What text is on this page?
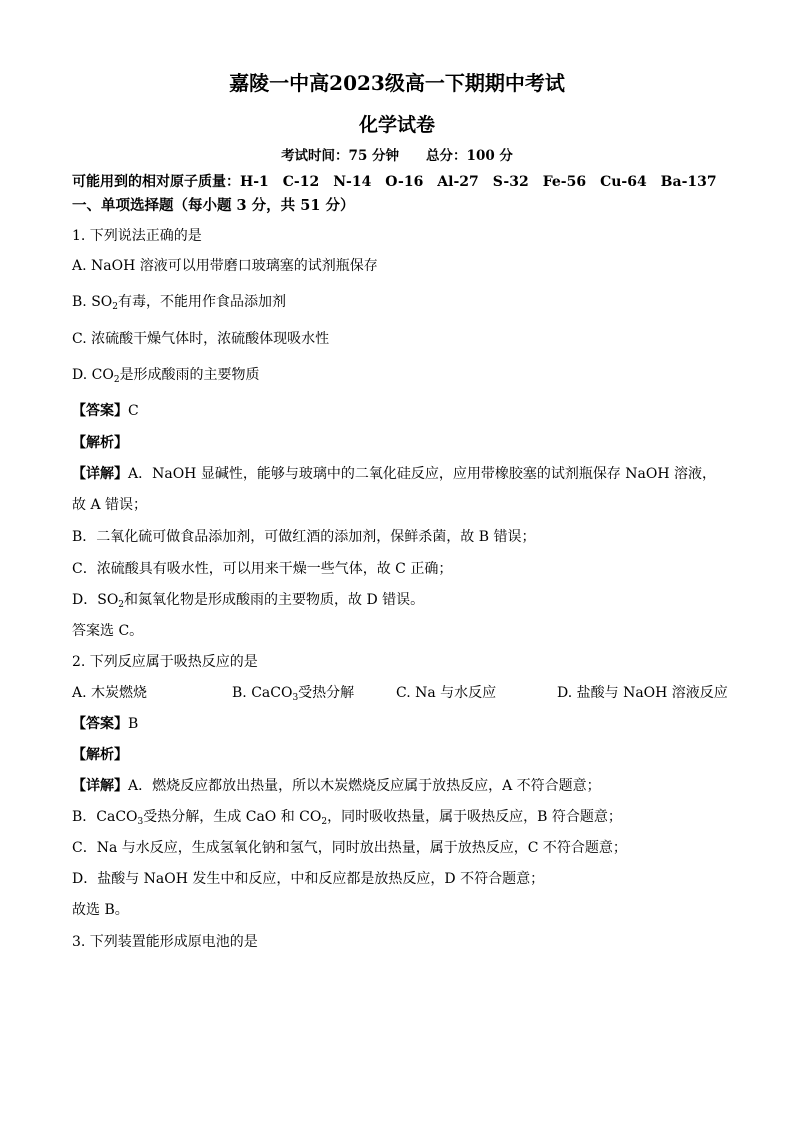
嘉陵一中高2023级高一下期期中考试
化学试卷
考试时间：75 分钟　　总分：100 分
可能用到的相对原子质量：H-1　C-12　N-14　O-16　Al-27　S-32　Fe-56　Cu-64　Ba-137
一、单项选择题（每小题 3 分，共 51 分）
1. 下列说法正确的是
A. NaOH 溶液可以用带磨口玻璃塞的试剂瓶保存
B. $SO_2$有毒，不能用作食品添加剂
C. 浓硫酸干燥气体时，浓硫酸体现吸水性
D. $CO_2$是形成酸雨的主要物质
【答案】C
【解析】
【详解】A．NaOH 显碱性，能够与玻璃中的二氧化硅反应，应用带橡胶塞的试剂瓶保存 NaOH 溶液，
故 A 错误；
B．二氧化硫可做食品添加剂，可做红酒的添加剂，保鲜杀菌，故 B 错误；
C．浓硫酸具有吸水性，可以用来干燥一些气体，故 C 正确；
D．$SO_2$和氮氧化物是形成酸雨的主要物质，故 D 错误。
答案选 C。
2. 下列反应属于吸热反应的是
A. 木炭燃烧	B. CaCO$_3$受热分解	C. Na 与水反应	D. 盐酸与 NaOH 溶液反应
【答案】B
【解析】
【详解】A．燃烧反应都放出热量，所以木炭燃烧反应属于放热反应，A 不符合题意；
B．CaCO$_3$受热分解，生成 CaO 和 $CO_2$，同时吸收热量，属于吸热反应，B 符合题意；
C．Na 与水反应，生成氢氧化钠和氢气，同时放出热量，属于放热反应，C 不符合题意；
D．盐酸与 NaOH 发生中和反应，中和反应都是放热反应，D 不符合题意；
故选 B。
3. 下列装置能形成原电池的是
